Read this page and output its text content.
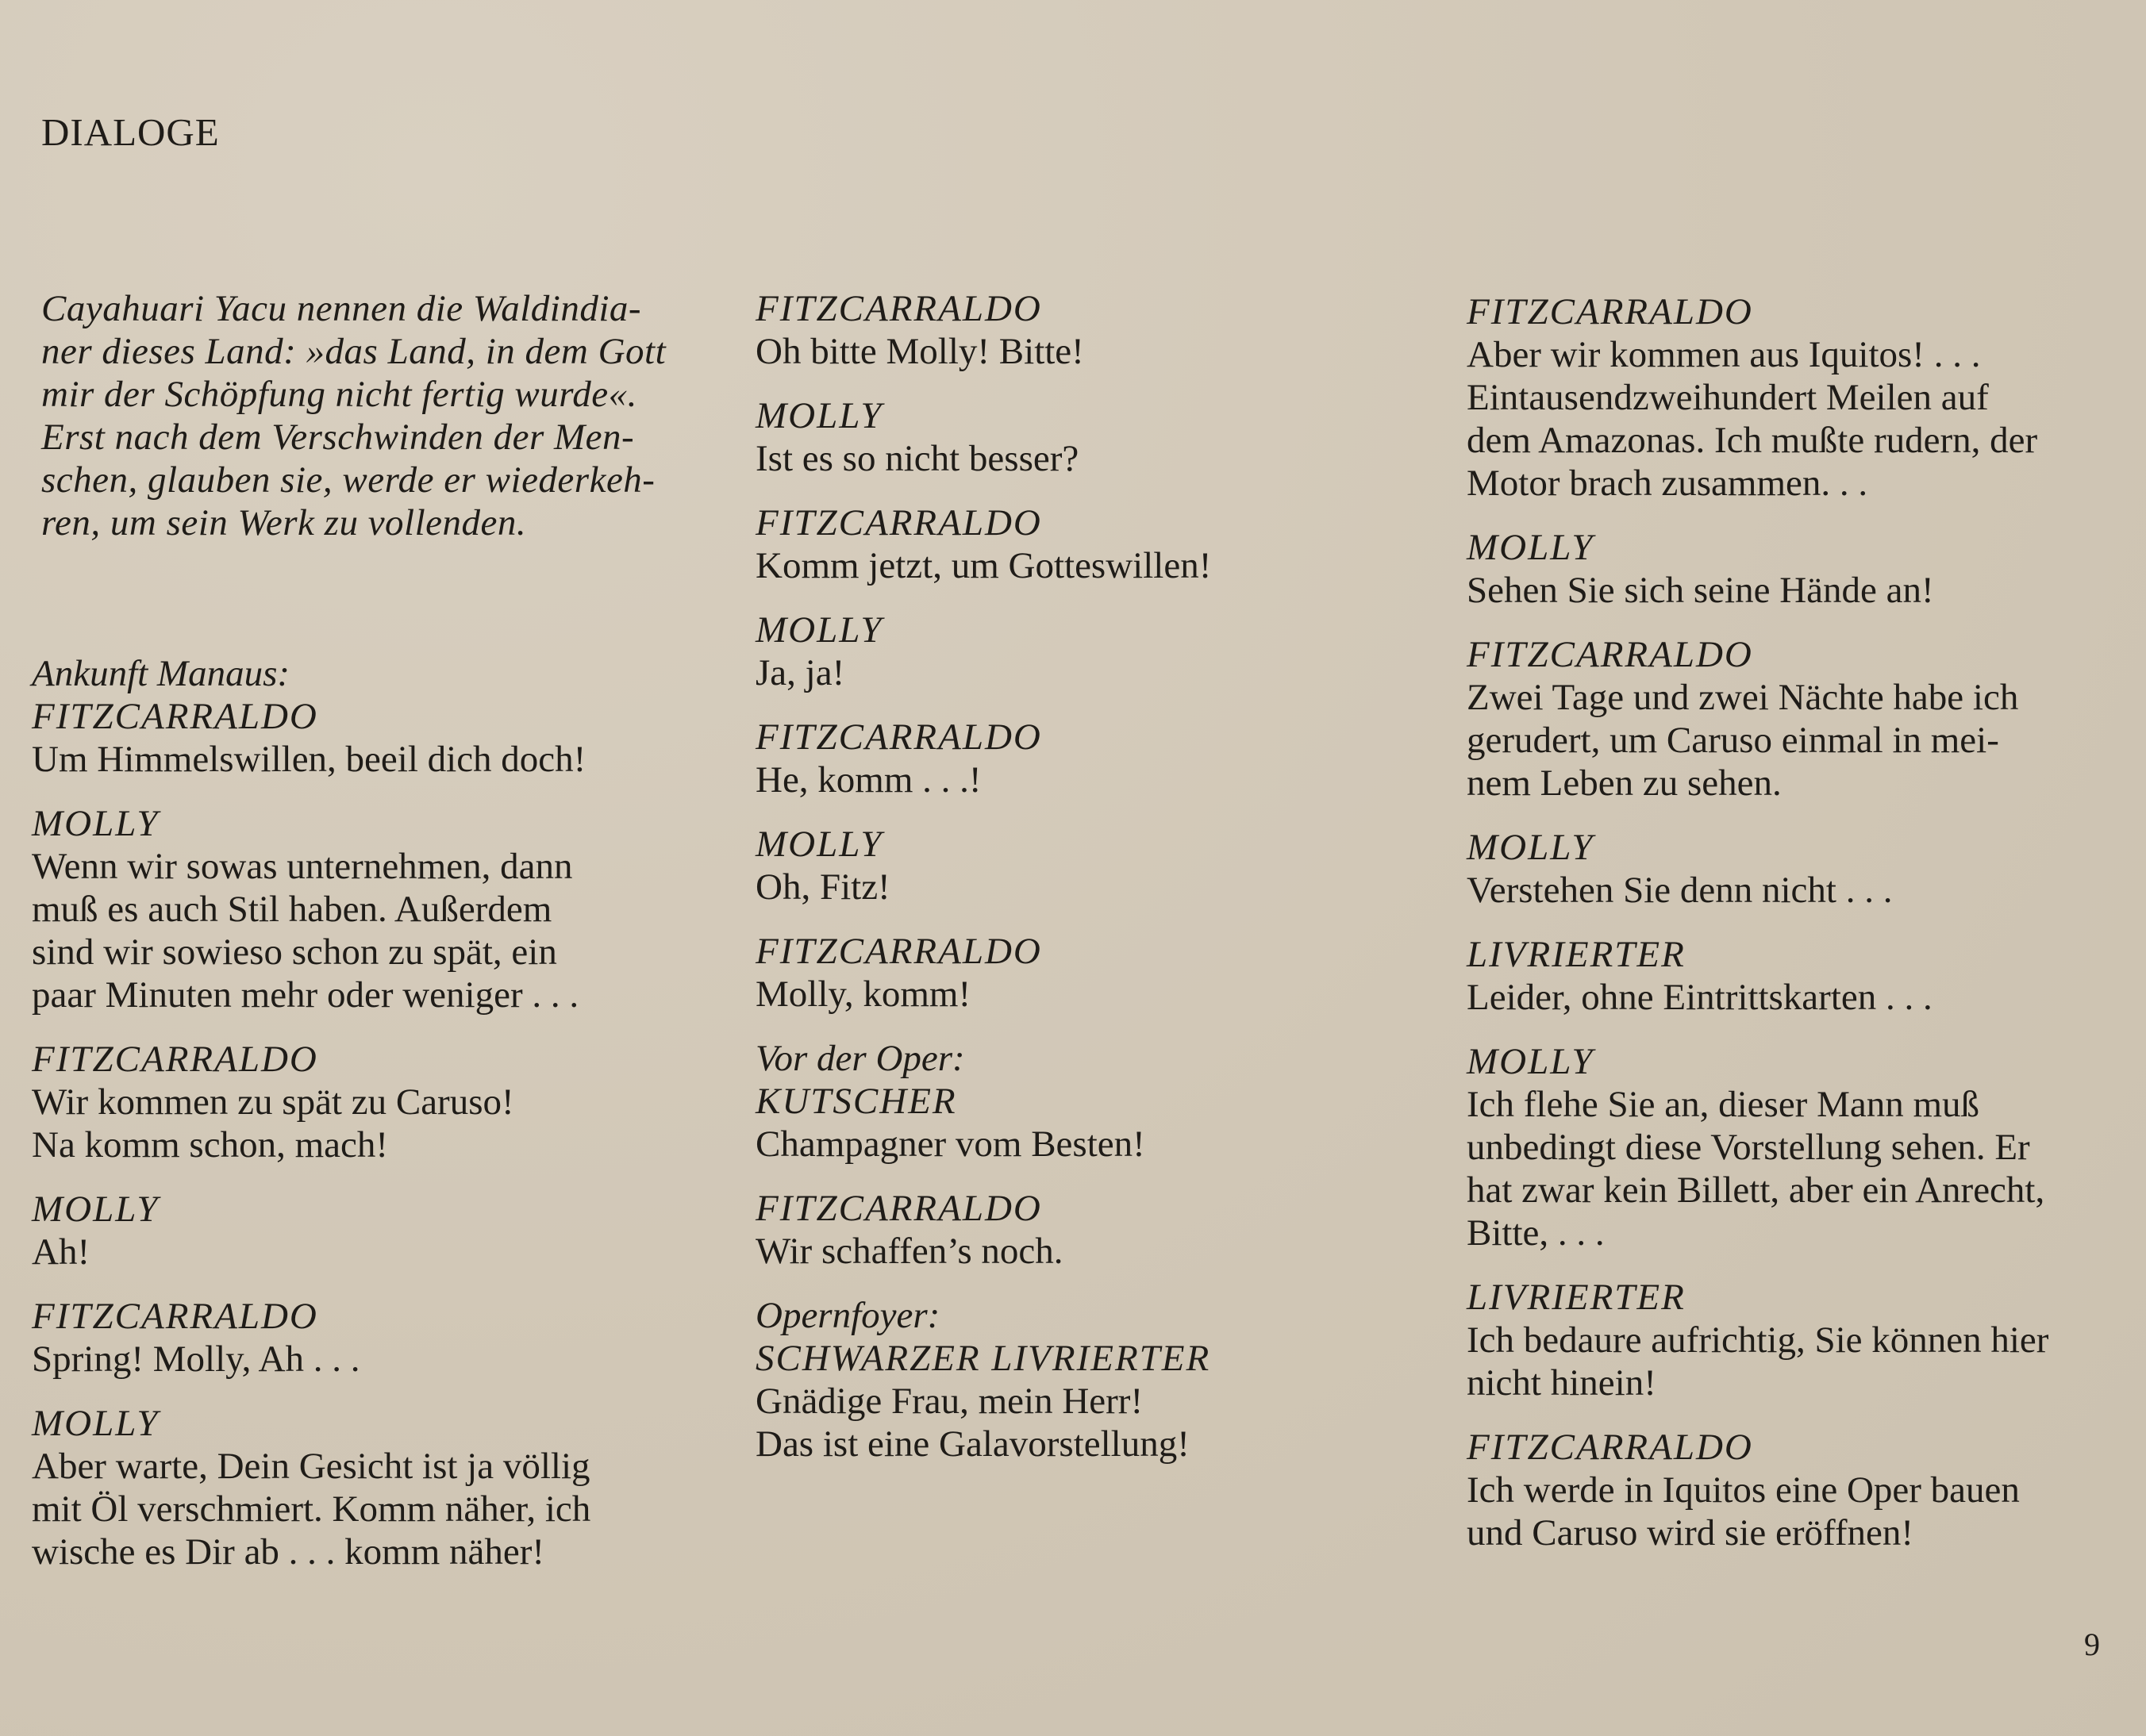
DIALOGE
Cayahuari Yacu nennen die Waldindia-
ner dieses Land: »das Land, in dem Gott
mir der Schöpfung nicht fertig wurde«.
Erst nach dem Verschwinden der Men-
schen, glauben sie, werde er wiederkeh-
ren, um sein Werk zu vollenden.
Ankunft Manaus:
FITZCARRALDO
Um Himmelswillen, beeil dich doch!
MOLLY
Wenn wir sowas unternehmen, dann
muß es auch Stil haben. Außerdem
sind wir sowieso schon zu spät, ein
paar Minuten mehr oder weniger . . .
FITZCARRALDO
Wir kommen zu spät zu Caruso!
Na komm schon, mach!
MOLLY
Ah!
FITZCARRALDO
Spring! Molly, Ah . . .
MOLLY
Aber warte, Dein Gesicht ist ja völlig
mit Öl verschmiert. Komm näher, ich
wische es Dir ab . . . komm näher!
FITZCARRALDO
Oh bitte Molly! Bitte!
MOLLY
Ist es so nicht besser?
FITZCARRALDO
Komm jetzt, um Gotteswillen!
MOLLY
Ja, ja!
FITZCARRALDO
He, komm . . .!
MOLLY
Oh, Fitz!
FITZCARRALDO
Molly, komm!
Vor der Oper:
KUTSCHER
Champagner vom Besten!
FITZCARRALDO
Wir schaffen’s noch.
Opernfoyer:
SCHWARZER LIVRIERTER
Gnädige Frau, mein Herr!
Das ist eine Galavorstellung!
FITZCARRALDO
Aber wir kommen aus Iquitos! . . .
Eintausendzweihundert Meilen auf
dem Amazonas. Ich mußte rudern, der
Motor brach zusammen. . .
MOLLY
Sehen Sie sich seine Hände an!
FITZCARRALDO
Zwei Tage und zwei Nächte habe ich
gerudert, um Caruso einmal in mei-
nem Leben zu sehen.
MOLLY
Verstehen Sie denn nicht . . .
LIVRIERTER
Leider, ohne Eintrittskarten . . .
MOLLY
Ich flehe Sie an, dieser Mann muß
unbedingt diese Vorstellung sehen. Er
hat zwar kein Billett, aber ein Anrecht,
Bitte, . . .
LIVRIERTER
Ich bedaure aufrichtig, Sie können hier
nicht hinein!
FITZCARRALDO
Ich werde in Iquitos eine Oper bauen
und Caruso wird sie eröffnen!
9
